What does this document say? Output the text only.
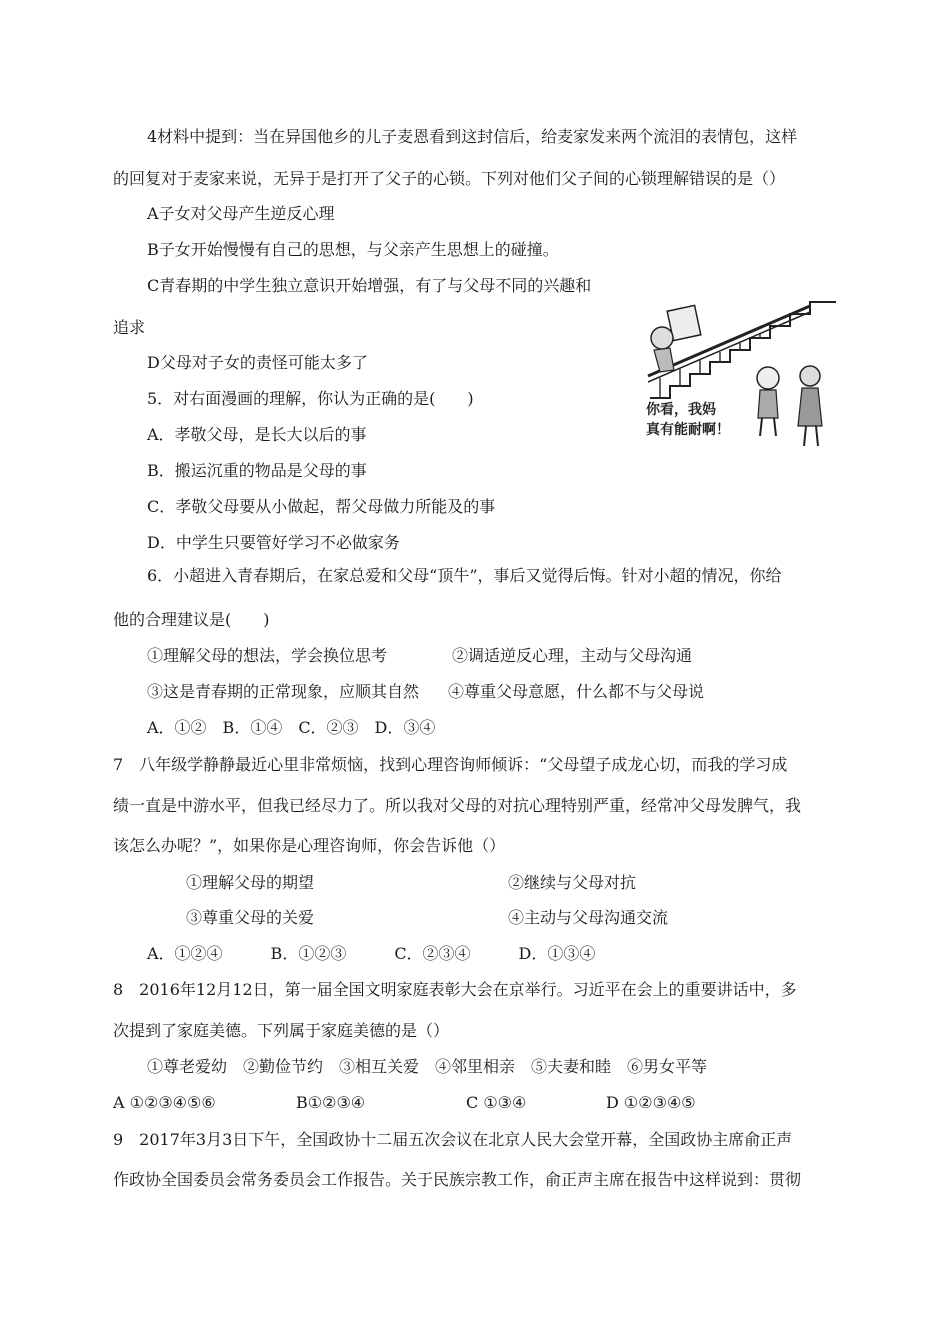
4材料中提到：当在异国他乡的儿子麦恩看到这封信后，给麦家发来两个流泪的表情包，这样
的回复对于麦家来说，无异于是打开了父子的心锁。下列对他们父子间的心锁理解错误的是（）
A子女对父母产生逆反心理
B子女开始慢慢有自己的思想，与父亲产生思想上的碰撞。
C青春期的中学生独立意识开始增强，有了与父母不同的兴趣和
追求
D父母对子女的责怪可能太多了
5．对右面漫画的理解，你认为正确的是(　　)
A．孝敬父母，是长大以后的事
B．搬运沉重的物品是父母的事
C．孝敬父母要从小做起，帮父母做力所能及的事
D．中学生只要管好学习不必做家务
你看，我妈
真有能耐啊！
6．小超进入青春期后，在家总爱和父母“顶牛”，事后又觉得后悔。针对小超的情况，你给
他的合理建议是(　　)
①理解父母的想法，学会换位思考	②调适逆反心理，主动与父母沟通
③这是青春期的正常现象，应顺其自然 ④尊重父母意愿，什么都不与父母说
A．①②　B．①④　C．②③　D．③④
7　八年级学静静最近心里非常烦恼，找到心理咨询师倾诉：“父母望子成龙心切，而我的学习成
绩一直是中游水平，但我已经尽力了。所以我对父母的对抗心理特别严重，经常冲父母发脾气，我
该怎么办呢？”，如果你是心理咨询师，你会告诉他（）
①理解父母的期望	②继续与父母对抗
③尊重父母的关爱	④主动与父母沟通交流
A．①②④　　　B．①②③　　　C．②③④　　　D．①③④
8　2016年12月12日，第一届全国文明家庭表彰大会在京举行。习近平在会上的重要讲话中，多
次提到了家庭美德。下列属于家庭美德的是（）
①尊老爱幼　②勤俭节约　③相互关爱　④邻里相亲　⑤夫妻和睦　⑥男女平等
A ①②③④⑤⑥	B①②③④	C ①③④	D ①②③④⑤
9　2017年3月3日下午，全国政协十二届五次会议在北京人民大会堂开幕，全国政协主席俞正声
作政协全国委员会常务委员会工作报告。关于民族宗教工作，俞正声主席在报告中这样说到：贯彻
